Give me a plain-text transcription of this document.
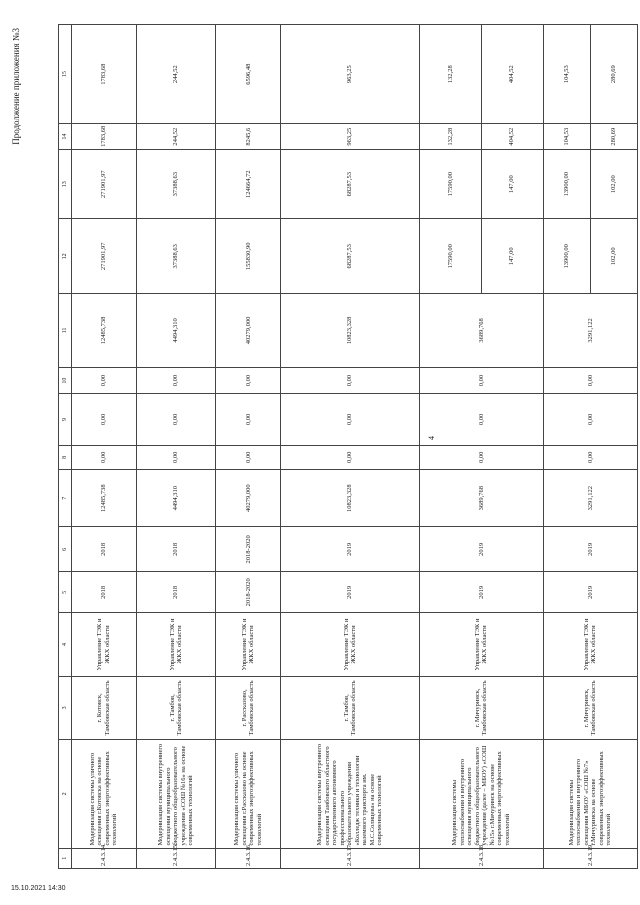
4
Продолжение приложения №3
1	2	3	4	5	6	7	8	9	10	11	12	13	14	15
2.4.3.14.	Модернизация системы уличного освещения г.Котовска на основе современных энергоэффективных технологий	г. Котовск, Тамбовская область	Управление ТЭК и ЖКХ области	2018	2018	12485,738	0,00	0,00	0,00	12485,738	271901,97	271901,97	1783,68	1783,68
2.4.3.15.	Модернизация системы внутреннего освещения муниципального бюджетного общеобразовательного учреждения «СОШ №16» на основе современных технологий	г. Тамбов, Тамбовская область	Управление ТЭК и ЖКХ области	2018	2018	4494,310	0,00	0,00	0,00	4494,310	37388,63	37388,63	244,52	244,52
2.4.3.16.	Модернизация системы уличного освещения г.Рассказово на основе современных энергоэффективных технологий	г. Рассказово, Тамбовская область	Управление ТЭК и ЖКХ области	2018-2020	2018-2020	40279,000	0,00	0,00	0,00	40279,000	155830,90	124664,72	8245,6	6596,48
2.4.3.17.	Модернизация системы внутреннего освещения Тамбовского областного государственного автономного профессионального образовательного учреждения «Колледж техники и технологии наземного транспорта им. М.С.Солнцева» на основе современных технологий	г. Тамбов, Тамбовская область	Управление ТЭК и ЖКХ области	2019	2019	10823,328	0,00	0,00	0,00	10823,328	68287,53	68287,53	963,25	963,25
2.4.3.18.	Модернизация системы теплоснабжения и внутреннего освещения муниципального бюджетного общеобразовательного учреждения (далее – МБОУ) «СОШ №15» г.Мичуринск на основе современных энергоэффективных технологий	г. Мичуринск, Тамбовская область	Управление ТЭК и ЖКХ области	2019	2019	3689,768	0,00	0,00	0,00	3689,768	17590,00	17590,00	132,28	132,28
											147,00	147,00	404,52	404,52
2.4.3.19.	Модернизация системы теплоснабжения и внутреннего освещения МБОУ «СОШ №7» г.Мичуринска на основе современных энергоэффективных технологий	г. Мичуринск, Тамбовская область	Управление ТЭК и ЖКХ области	2019	2019	3291,122	0,00	0,00	0,00	3291,122	13900,00	13900,00	104,53	104,53
											102,00	102,00	280,69	280,69
15.10.2021 14:30
